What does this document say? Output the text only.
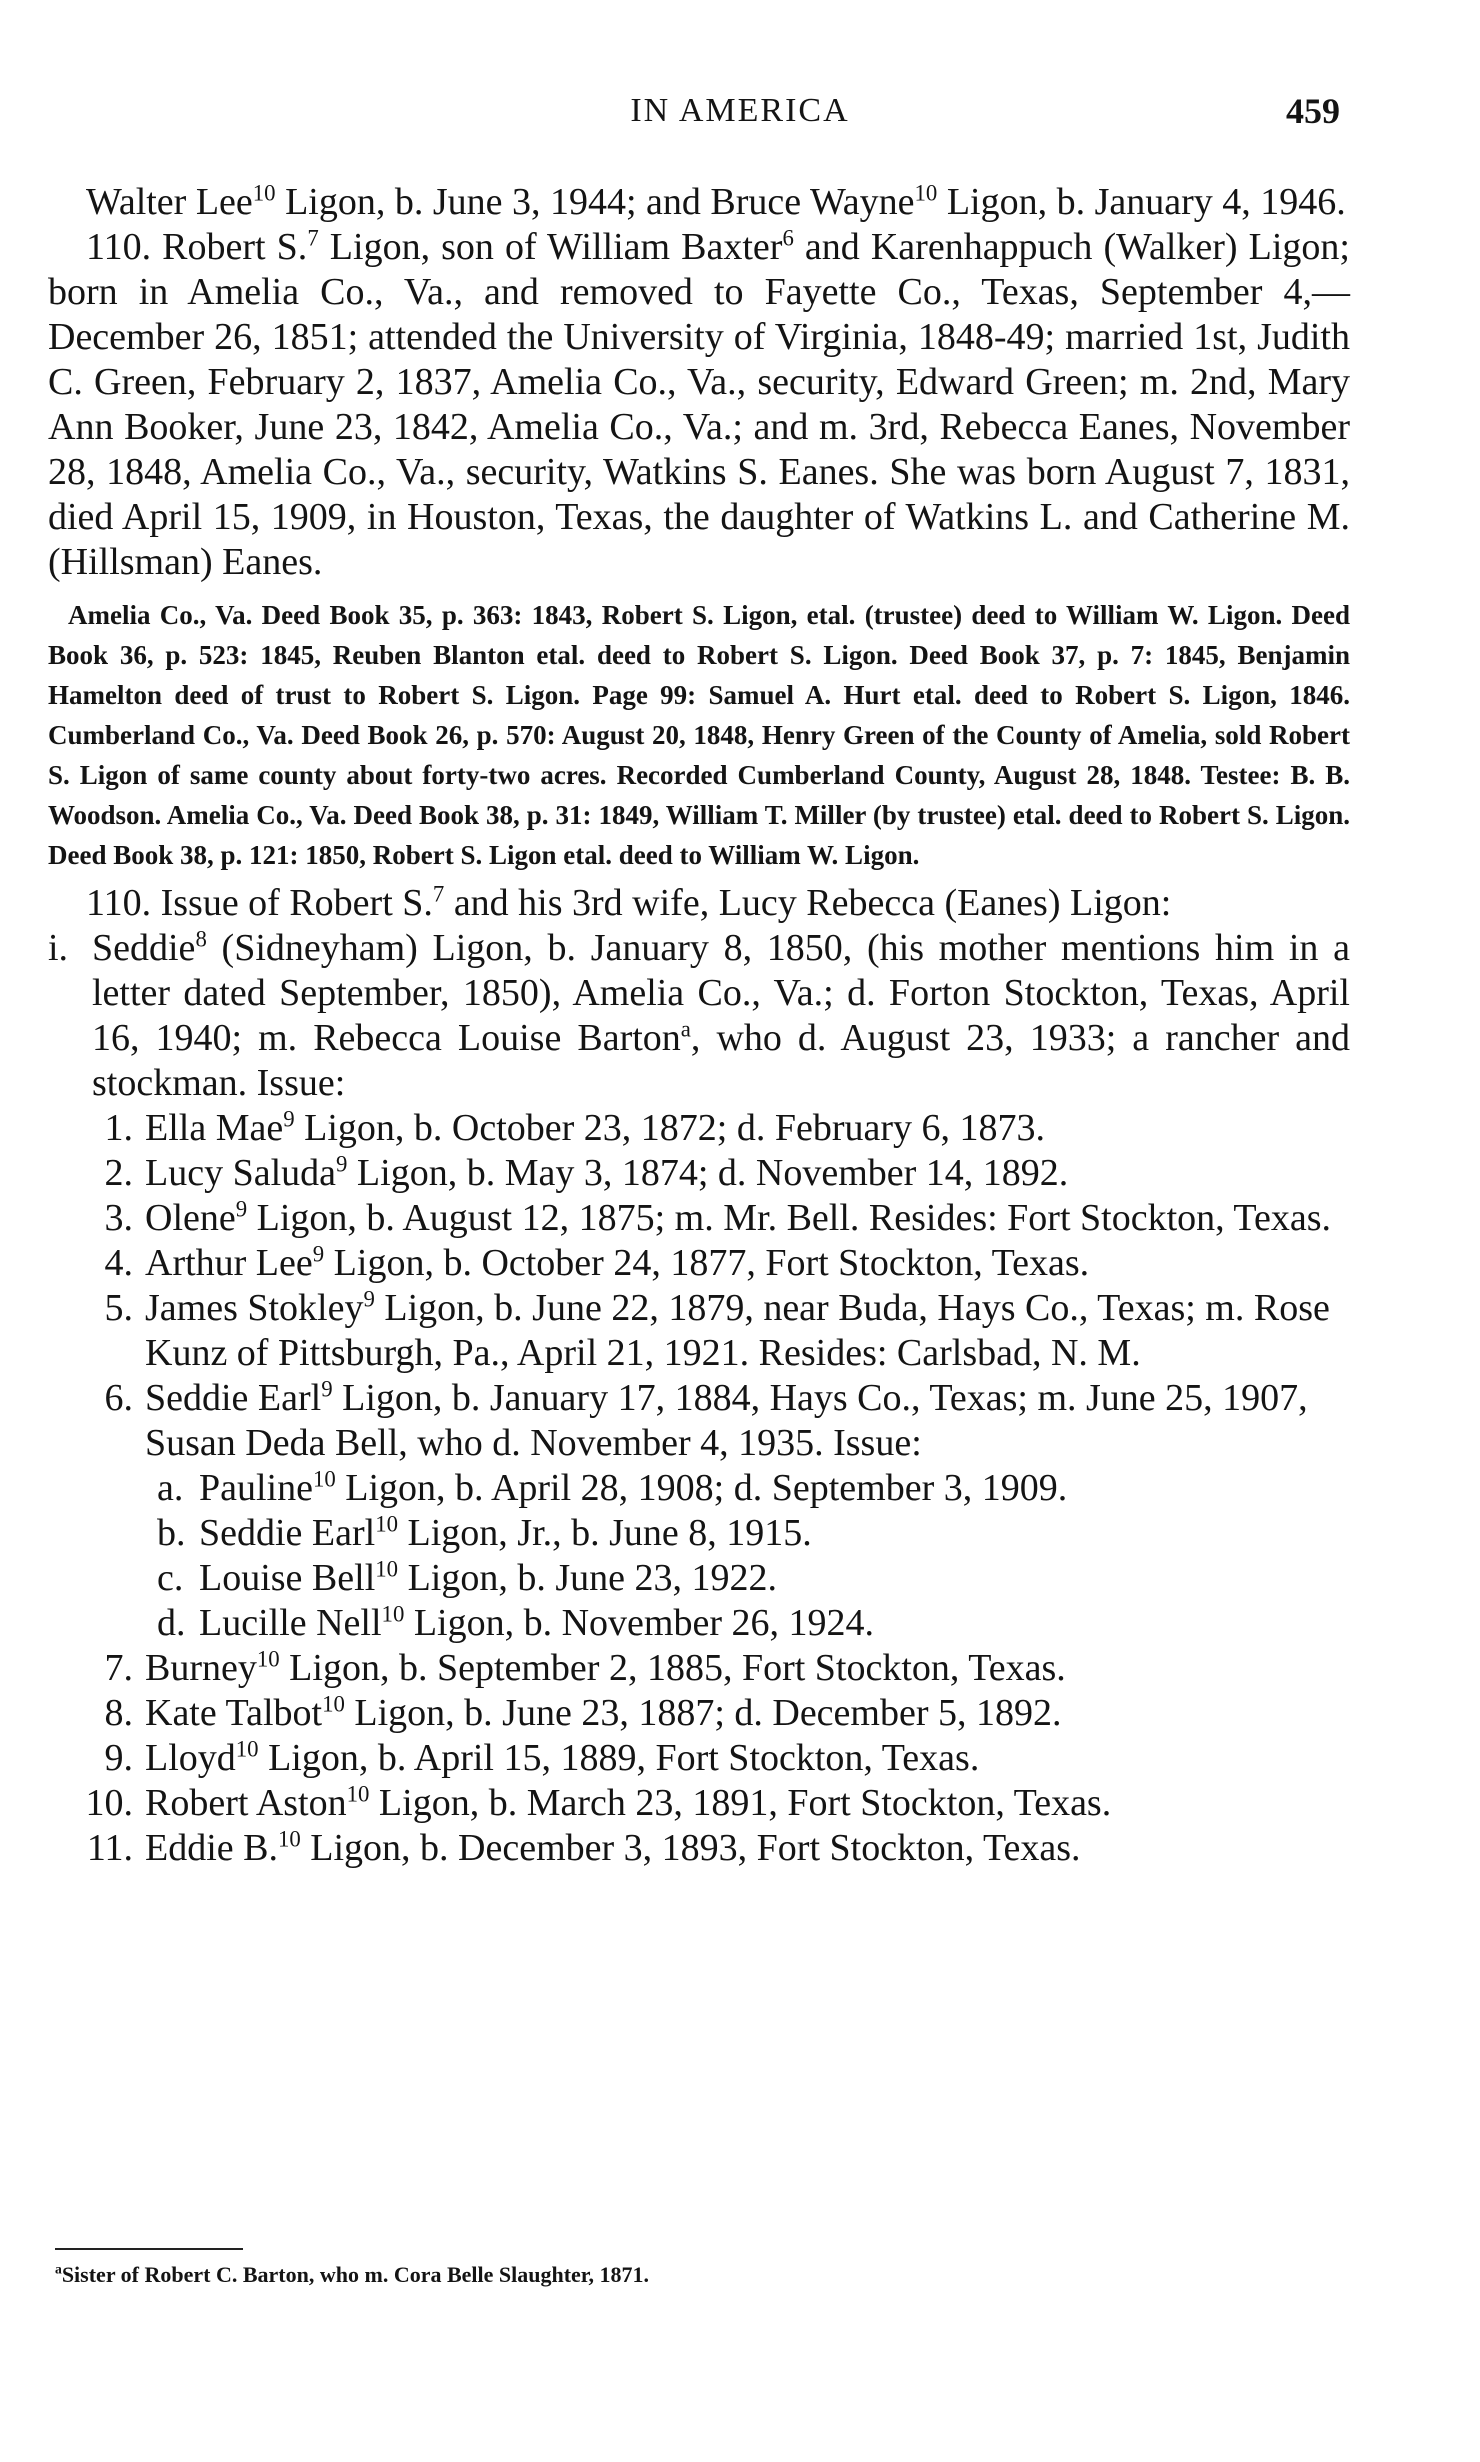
IN AMERICA	459

Walter Lee$^{10}$ Ligon, b. June 3, 1944; and Bruce Wayne$^{10}$ Ligon, b. January 4, 1946.

110. Robert S.$^7$ Ligon, son of William Baxter$^6$ and Karenhappuch (Walker) Ligon; born in Amelia Co., Va., and removed to Fayette Co., Texas, September 4,— December 26, 1851; attended the University of Virginia, 1848-49; married 1st, Judith C. Green, February 2, 1837, Amelia Co., Va., security, Edward Green; m. 2nd, Mary Ann Booker, June 23, 1842, Amelia Co., Va.; and m. 3rd, Rebecca Eanes, November 28, 1848, Amelia Co., Va., security, Watkins S. Eanes. She was born August 7, 1831, died April 15, 1909, in Houston, Texas, the daughter of Watkins L. and Catherine M. (Hillsman) Eanes.

Amelia Co., Va. Deed Book 35, p. 363: 1843, Robert S. Ligon, etal. (trustee) deed to William W. Ligon. Deed Book 36, p. 523: 1845, Reuben Blanton etal. deed to Robert S. Ligon. Deed Book 37, p. 7: 1845, Benjamin Hamelton deed of trust to Robert S. Ligon. Page 99: Samuel A. Hurt etal. deed to Robert S. Ligon, 1846. Cumberland Co., Va. Deed Book 26, p. 570: August 20, 1848, Henry Green of the County of Amelia, sold Robert S. Ligon of same county about forty-two acres. Recorded Cumberland County, August 28, 1848. Testee: B. B. Woodson. Amelia Co., Va. Deed Book 38, p. 31: 1849, William T. Miller (by trustee) etal. deed to Robert S. Ligon. Deed Book 38, p. 121: 1850, Robert S. Ligon etal. deed to William W. Ligon.

110. Issue of Robert S.$^7$ and his 3rd wife, Lucy Rebecca (Eanes) Ligon:

i. Seddie$^8$ (Sidneyham) Ligon, b. January 8, 1850, (his mother mentions him in a letter dated September, 1850), Amelia Co., Va.; d. Forton Stockton, Texas, April 16, 1940; m. Rebecca Louise Barton$^a$, who d. August 23, 1933; a rancher and stockman. Issue:
1. Ella Mae$^9$ Ligon, b. October 23, 1872; d. February 6, 1873.
2. Lucy Saluda$^9$ Ligon, b. May 3, 1874; d. November 14, 1892.
3. Olene$^9$ Ligon, b. August 12, 1875; m. Mr. Bell. Resides: Fort Stockton, Texas.
4. Arthur Lee$^9$ Ligon, b. October 24, 1877, Fort Stockton, Texas.
5. James Stokley$^9$ Ligon, b. June 22, 1879, near Buda, Hays Co., Texas; m. Rose Kunz of Pittsburgh, Pa., April 21, 1921. Resides: Carlsbad, N. M.
6. Seddie Earl$^9$ Ligon, b. January 17, 1884, Hays Co., Texas; m. June 25, 1907, Susan Deda Bell, who d. November 4, 1935. Issue:
a. Pauline$^{10}$ Ligon, b. April 28, 1908; d. September 3, 1909.
b. Seddie Earl$^{10}$ Ligon, Jr., b. June 8, 1915.
c. Louise Bell$^{10}$ Ligon, b. June 23, 1922.
d. Lucille Nell$^{10}$ Ligon, b. November 26, 1924.
7. Burney$^{10}$ Ligon, b. September 2, 1885, Fort Stockton, Texas.
8. Kate Talbot$^{10}$ Ligon, b. June 23, 1887; d. December 5, 1892.
9. Lloyd$^{10}$ Ligon, b. April 15, 1889, Fort Stockton, Texas.
10. Robert Aston$^{10}$ Ligon, b. March 23, 1891, Fort Stockton, Texas.
11. Eddie B.$^{10}$ Ligon, b. December 3, 1893, Fort Stockton, Texas.
$^a$Sister of Robert C. Barton, who m. Cora Belle Slaughter, 1871.
